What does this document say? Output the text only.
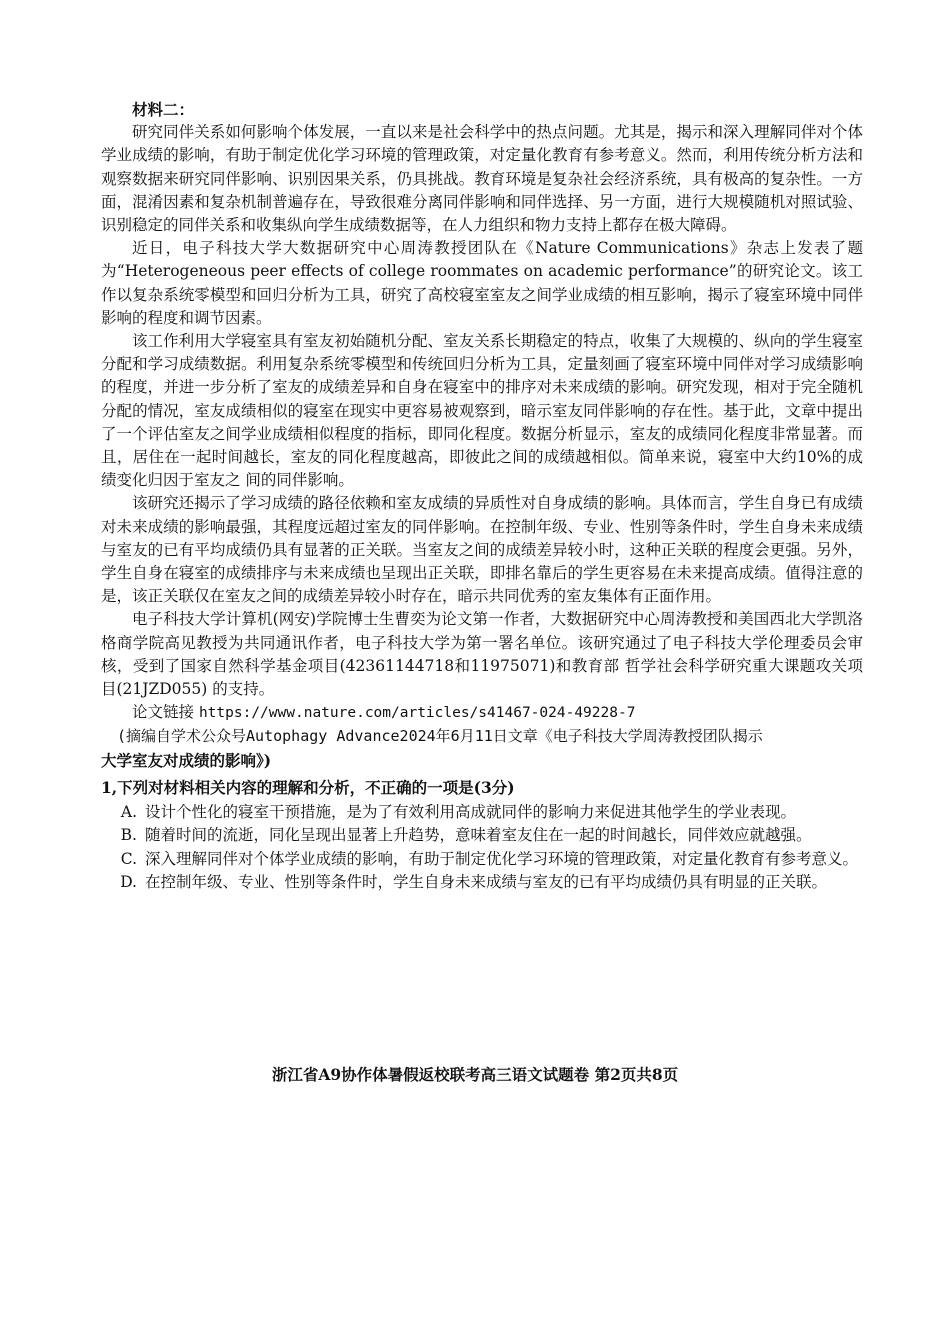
材料二：

研究同伴关系如何影响个体发展，一直以来是社会科学中的热点问题。尤其是，揭示和深入理解同伴对个体学业成绩的影响，有助于制定优化学习环境的管理政策，对定量化教育有参考意义。然而，利用传统分析方法和观察数据来研究同伴影响、识别因果关系，仍具挑战。教育环境是复杂社会经济系统，具有极高的复杂性。一方面，混淆因素和复杂机制普遍存在，导致很难分离同伴影响和同伴选择、另一方面，进行大规模随机对照试验、识别稳定的同伴关系和收集纵向学生成绩数据等，在人力组织和物力支持上都存在极大障碍。

近日，电子科技大学大数据研究中心周涛教授团队在《Nature Communications》杂志上发表了题为“Heterogeneous peer effects of college roommates on academic performance”的研究论文。该工作以复杂系统零模型和回归分析为工具，研究了高校寝室室友之间学业成绩的相互影响，揭示了寝室环境中同伴影响的程度和调节因素。

该工作利用大学寝室具有室友初始随机分配、室友关系长期稳定的特点，收集了大规模的、纵向的学生寝室分配和学习成绩数据。利用复杂系统零模型和传统回归分析为工具，定量刻画了寝室环境中同伴对学习成绩影响的程度，并进一步分析了室友的成绩差异和自身在寝室中的排序对未来成绩的影响。研究发现，相对于完全随机分配的情况，室友成绩相似的寝室在现实中更容易被观察到，暗示室友同伴影响的存在性。基于此，文章中提出了一个评估室友之间学业成绩相似程度的指标，即同化程度。数据分析显示，室友的成绩同化程度非常显著。而且，居住在一起时间越长，室友的同化程度越高，即彼此之间的成绩越相似。简单来说，寝室中大约10%的成绩变化归因于室友之 间的同伴影响。

该研究还揭示了学习成绩的路径依赖和室友成绩的异质性对自身成绩的影响。具体而言，学生自身已有成绩对未来成绩的影响最强，其程度远超过室友的同伴影响。在控制年级、专业、性别等条件时，学生自身未来成绩与室友的已有平均成绩仍具有显著的正关联。当室友之间的成绩差异较小时，这种正关联的程度会更强。另外，学生自身在寝室的成绩排序与未来成绩也呈现出正关联，即排名靠后的学生更容易在未来提高成绩。值得注意的是，该正关联仅在室友之间的成绩差异较小时存在，暗示共同优秀的室友集体有正面作用。

电子科技大学计算机(网安)学院博士生曹奕为论文第一作者，大数据研究中心周涛教授和美国西北大学凯洛格商学院高见教授为共同通讯作者，电子科技大学为第一署名单位。该研究通过了电子科技大学伦理委员会审核，受到了国家自然科学基金项目(42361144718和11975071)和教育部 哲学社会科学研究重大课题攻关项目(21JZD055) 的支持。

论文链接 https://www.nature.com/articles/s41467-024-49228-7

(摘编自学术公众号Autophagy Advance2024年6月11日文章《电子科技大学周涛教授团队揭示

大学室友对成绩的影响》)

1,下列对材料相关内容的理解和分析，不正确的一项是(3分)

A. 设计个性化的寝室干预措施，是为了有效利用高成就同伴的影响力来促进其他学生的学业表现。
B. 随着时间的流逝，同化呈现出显著上升趋势，意味着室友住在一起的时间越长，同伴效应就越强。
C. 深入理解同伴对个体学业成绩的影响，有助于制定优化学习环境的管理政策，对定量化教育有参考意义。
D. 在控制年级、专业、性别等条件时，学生自身未来成绩与室友的已有平均成绩仍具有明显的正关联。
浙江省A9协作体暑假返校联考高三语文试题卷 第2页共8页
